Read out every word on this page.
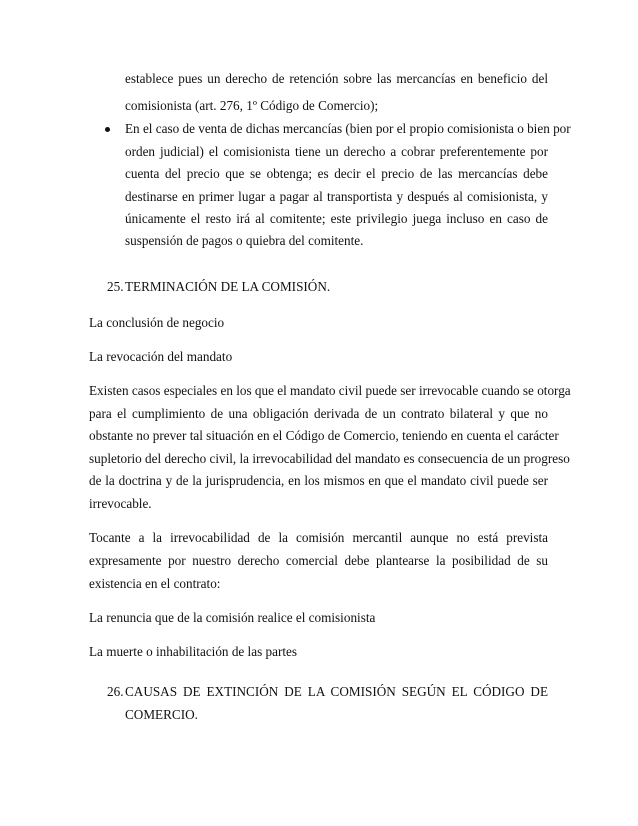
establece pues un derecho de retención sobre las mercancías en beneficio del
comisionista (art. 276, 1º Código de Comercio);
En el caso de venta de dichas mercancías (bien por el propio comisionista o bien por
orden judicial) el comisionista tiene un derecho a cobrar preferentemente por
cuenta del precio que se obtenga; es decir el precio de las mercancías debe
destinarse en primer lugar a pagar al transportista y después al comisionista, y
únicamente el resto irá al comitente; este privilegio juega incluso en caso de
suspensión de pagos o quiebra del comitente.
25. TERMINACIÓN DE LA COMISIÓN.
La conclusión de negocio
La revocación del mandato
Existen casos especiales en los que el mandato civil puede ser irrevocable cuando se otorga
para el cumplimiento de una obligación derivada de un contrato bilateral y que no
obstante no prever tal situación en el Código de Comercio, teniendo en cuenta el carácter
supletorio del derecho civil, la irrevocabilidad del mandato es consecuencia de un progreso
de la doctrina y de la jurisprudencia, en los mismos en que el mandato civil puede ser
irrevocable.
Tocante a la irrevocabilidad de la comisión mercantil aunque no está prevista
expresamente por nuestro derecho comercial debe plantearse la posibilidad de su
existencia en el contrato:
La renuncia que de la comisión realice el comisionista
La muerte o inhabilitación de las partes
26. CAUSAS DE EXTINCIÓN DE LA COMISIÓN SEGÚN EL CÓDIGO DE
COMERCIO.
